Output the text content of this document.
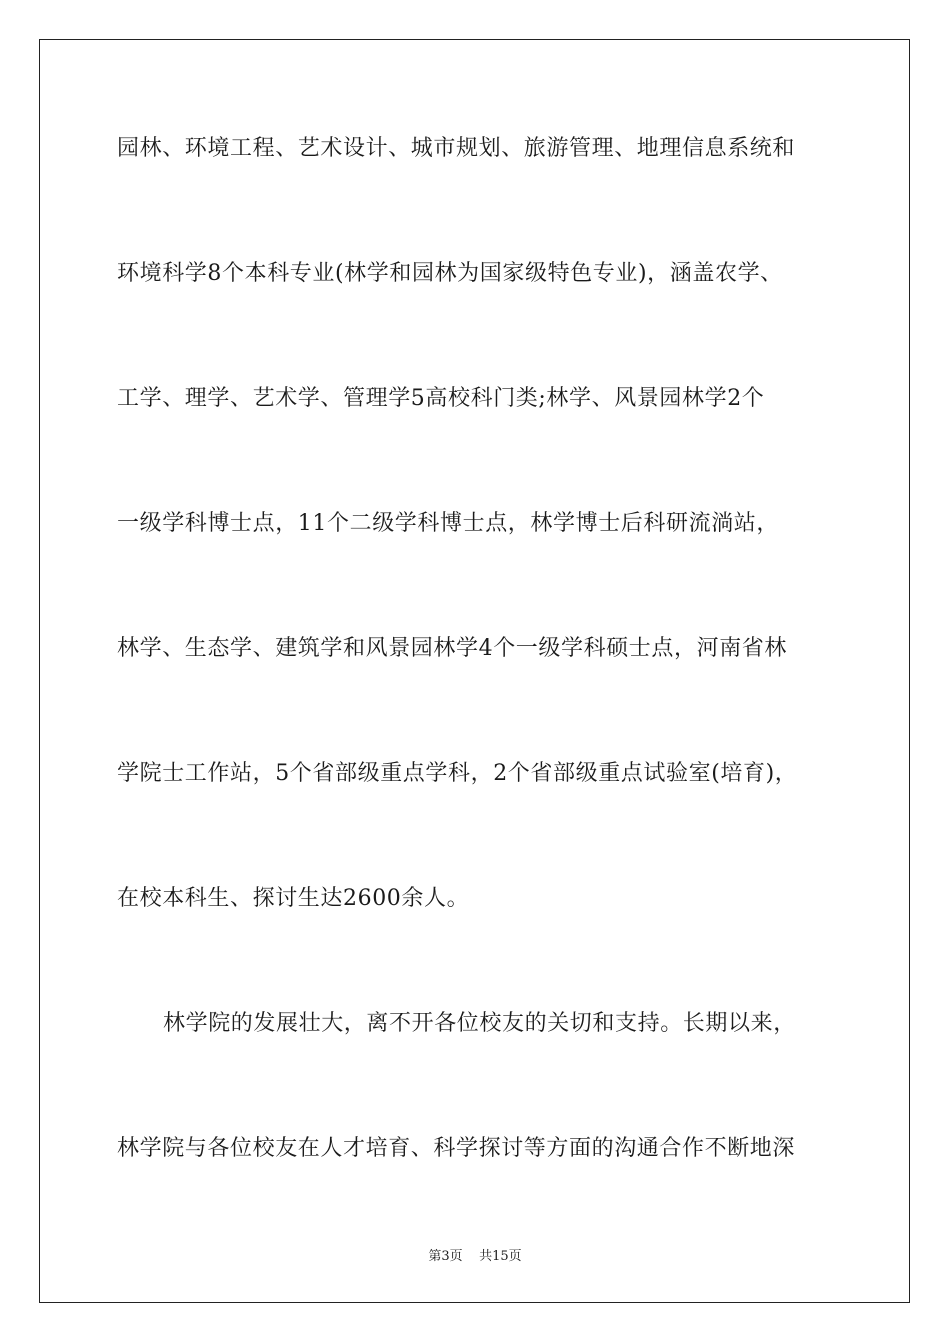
园林、环境工程、艺术设计、城市规划、旅游管理、地理信息系统和
环境科学8个本科专业(林学和园林为国家级特色专业)，涵盖农学、
工学、理学、艺术学、管理学5高校科门类;林学、风景园林学2个
一级学科博士点，11个二级学科博士点，林学博士后科研流淌站，
林学、生态学、建筑学和风景园林学4个一级学科硕士点，河南省林
学院士工作站，5个省部级重点学科，2个省部级重点试验室(培育)，
在校本科生、探讨生达2600余人。
林学院的发展壮大，离不开各位校友的关切和支持。长期以来，
林学院与各位校友在人才培育、科学探讨等方面的沟通合作不断地深
第3页    共15页
